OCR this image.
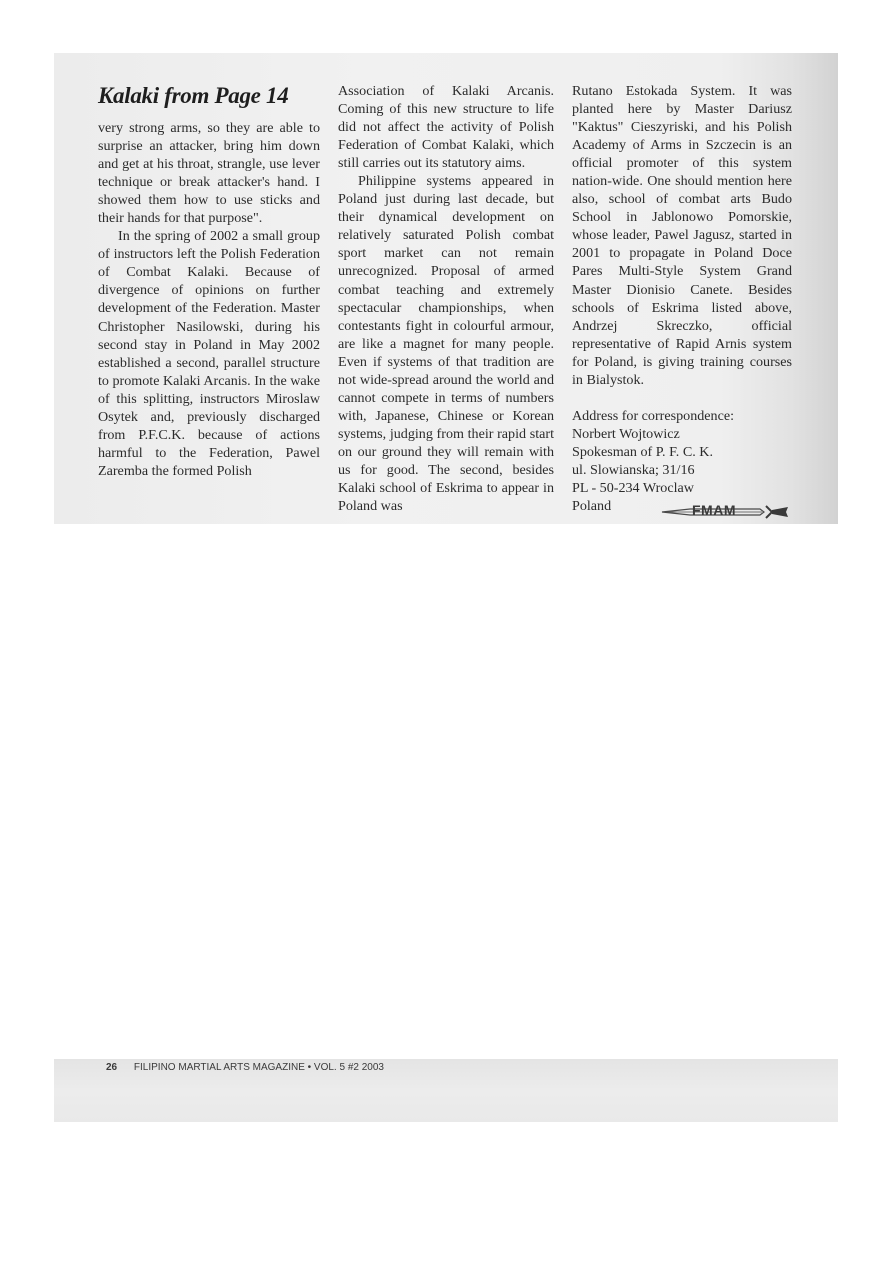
Kalaki from Page 14

very strong arms, so they are able to surprise an attacker, bring him down and get at his throat, strangle, use lever technique or break attacker's hand. I showed them how to use sticks and their hands for that purpose".

In the spring of 2002 a small group of instructors left the Polish Federation of Combat Kalaki. Because of divergence of opinions on further development of the Federation. Master Christopher Nasilowski, during his second stay in Poland in May 2002 established a second, parallel structure to promote Kalaki Arcanis. In the wake of this splitting, instructors Miroslaw Osytek and, previously discharged from P.F.C.K. because of actions harmful to the Federation, Pawel Zaremba the formed Polish

Association of Kalaki Arcanis. Coming of this new structure to life did not affect the activity of Polish Federation of Combat Kalaki, which still carries out its statutory aims.

Philippine systems appeared in Poland just during last decade, but their dynamical development on relatively saturated Polish combat sport market can not remain unrecognized. Proposal of armed combat teaching and extremely spectacular championships, when contestants fight in colourful armour, are like a magnet for many people. Even if systems of that tradition are not wide-spread around the world and cannot compete in terms of numbers with, Japanese, Chinese or Korean systems, judging from their rapid start on our ground they will remain with us for good. The second, besides Kalaki school of Eskrima to appear in Poland was

Rutano Estokada System. It was planted here by Master Dariusz "Kaktus" Cieszyriski, and his Polish Academy of Arms in Szczecin is an official promoter of this system nation-wide. One should mention here also, school of combat arts Budo School in Jablonowo Pomorskie, whose leader, Pawel Jagusz, started in 2001 to propagate in Poland Doce Pares Multi-Style System Grand Master Dionisio Canete. Besides schools of Eskrima listed above, Andrzej Skreczko, official representative of Rapid Arnis system for Poland, is giving training courses in Bialystok.

Address for correspondence:
Norbert Wojtowicz
Spokesman of P. F. C. K.
ul. Slowianska; 31/16
PL - 50-234 Wroclaw
Poland	FMAM
26 FILIPINO MARTIAL ARTS MAGAZINE • VOL. 5 #2 2003
